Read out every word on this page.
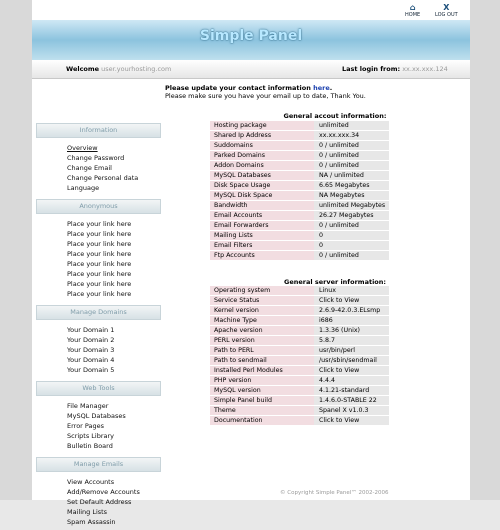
⌂
HOME
X
LOG OUT
Simple Panel
Welcome user.yourhosting.com	Last login from: xx.xx.xxx.124
Please update your contact information here.
Please make sure you have your email up to date, Thank You.
Information
Overview
Change Password
Change Email
Change Personal data
Language
Anonymous
Place your link here
Place your link here
Place your link here
Place your link here
Place your link here
Place your link here
Place your link here
Place your link here
Manage Domains
Your Domain 1
Your Domain 2
Your Domain 3
Your Domain 4
Your Domain 5
Web Tools
File Manager
MySQL Databases
Error Pages
Scripts Library
Bulletin Board
Manage Emails
View Accounts
Add/Remove Accounts
Set Default Address
Mailing Lists
Spam Assassin
General accout information:
Hosting package	unlimited
Shared Ip Address	xx.xx.xxx.34
Suddomains	0 / unlimited
Parked Domains	0 / unlimited
Addon Domains	0 / unlimited
MySQL Databases	NA / unlimited
Disk Space Usage	6.65 Megabytes
MySQL Disk Space	NA Megabytes
Bandwidth	unlimited Megabytes
Email Accounts	26.27 Megabytes
Email Forwarders	0 / unlimited
Mailing Lists	0
Email Filters	0
Ftp Accounts	0 / unlimited
General server information:
Operating system	Linux
Service Status	Click to View
Kernel version	2.6.9-42.0.3.ELsmp
Machine Type	i686
Apache version	1.3.36 (Unix)
PERL version	5.8.7
Path to PERL	usr/bin/perl
Path to sendmail	/usr/sbin/sendmail
Installed Perl Modules	Click to View
PHP version	4.4.4
MySQL version	4.1.21-standard
Simple Panel build	1.4.6.0-STABLE 22
Theme	Spanel X v1.0.3
Documentation	Click to View
© Copyright Simple Panel™ 2002-2006
